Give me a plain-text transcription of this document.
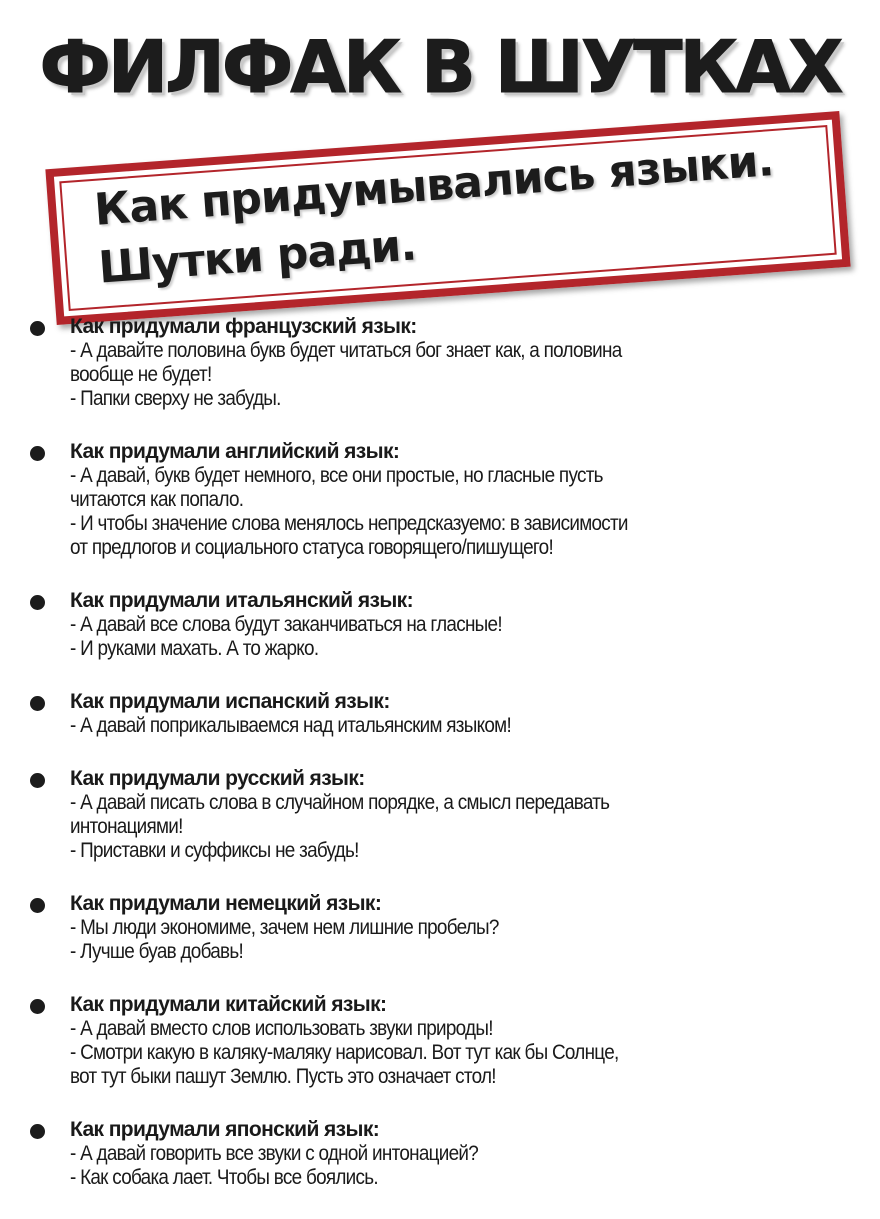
ФИЛФАК В ШУТКАХ
Как придумывались языки.
Шутки ради.
Как придумали французский язык:
- А давайте половина букв будет читаться бог знает как, а половина
вообще не будет!
- Папки сверху не забуды.
Как придумали английский язык:
- А давай, букв будет немного, все они простые, но гласные пусть
читаются как попало.
- И чтобы значение слова менялось непредсказуемо: в зависимости
от предлогов и социального статуса говорящего/пишущего!
Как придумали итальянский язык:
- А давай все слова будут заканчиваться на гласные!
- И руками махать. А то жарко.
Как придумали испанский язык:
- А давай поприкалываемся над итальянским языком!
Как придумали русский язык:
- А давай писать слова в случайном порядке, а смысл передавать
интонациями!
- Приставки и суффиксы не забудь!
Как придумали немецкий язык:
- Мы люди экономиме, зачем нем лишние пробелы?
- Лучше буав добавь!
Как придумали китайский язык:
- А давай вместо слов использовать звуки природы!
- Смотри какую в каляку-маляку нарисовал. Вот тут как бы Солнце,
вот тут быки пашут Землю. Пусть это означает стол!
Как придумали японский язык:
- А давай говорить все звуки с одной интонацией?
- Как собака лает. Чтобы все боялись.
